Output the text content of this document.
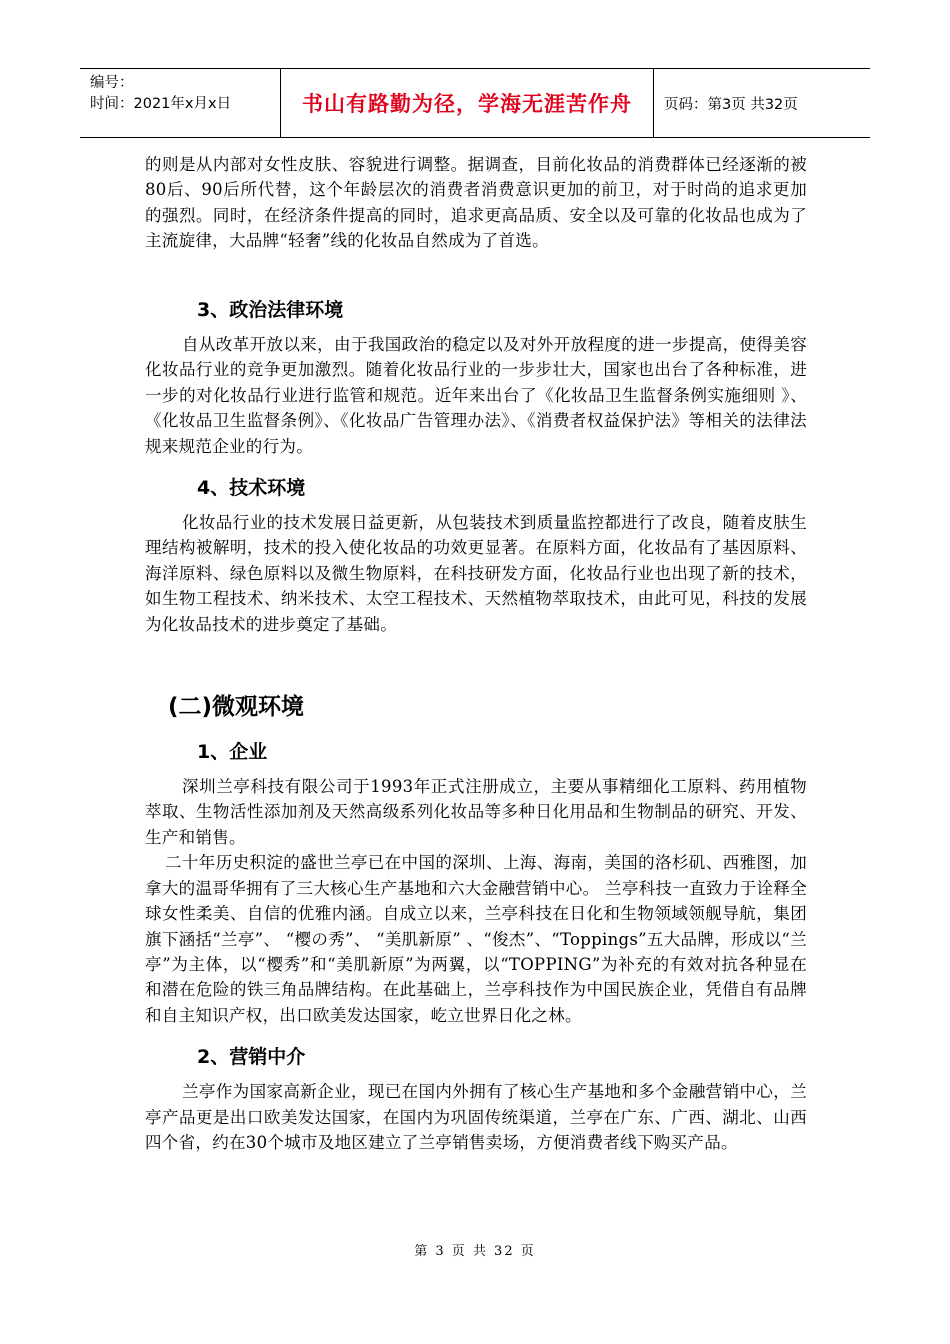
编号：
时间：2021年x月x日	书山有路勤为径，学海无涯苦作舟	页码：第3页 共32页

的则是从内部对女性皮肤、容貌进行调整。据调查，目前化妆品的消费群体已经逐渐的被80后、90后所代替，这个年龄层次的消费者消费意识更加的前卫，对于时尚的追求更加的强烈。同时，在经济条件提高的同时，追求更高品质、安全以及可靠的化妆品也成为了主流旋律，大品牌“轻奢”线的化妆品自然成为了首选。

3、政治法律环境

自从改革开放以来，由于我国政治的稳定以及对外开放程度的进一步提高，使得美容化妆品行业的竞争更加激烈。随着化妆品行业的一步步壮大，国家也出台了各种标准，进一步的对化妆品行业进行监管和规范。近年来出台了《化妆品卫生监督条例实施细则 》、《化妆品卫生监督条例》、《化妆品广告管理办法》、《消费者权益保护法》等相关的法律法规来规范企业的行为。

4、技术环境

化妆品行业的技术发展日益更新，从包装技术到质量监控都进行了改良，随着皮肤生理结构被解明，技术的投入使化妆品的功效更显著。在原料方面，化妆品有了基因原料、海洋原料、绿色原料以及微生物原料，在科技研发方面，化妆品行业也出现了新的技术，如生物工程技术、纳米技术、太空工程技术、天然植物萃取技术，由此可见，科技的发展为化妆品技术的进步奠定了基础。

(二)微观环境
1、企业

深圳兰亭科技有限公司于1993年正式注册成立，主要从事精细化工原料、药用植物萃取、生物活性添加剂及天然高级系列化妆品等多种日化用品和生物制品的研究、开发、生产和销售。

二十年历史积淀的盛世兰亭已在中国的深圳、上海、海南，美国的洛杉矶、西雅图，加拿大的温哥华拥有了三大核心生产基地和六大金融营销中心。 兰亭科技一直致力于诠释全球女性柔美、自信的优雅内涵。自成立以来，兰亭科技在日化和生物领域领舰导航，集团旗下涵括“兰亭”、 “樱の秀”、 “美肌新原” 、“俊杰”、“Toppings”五大品牌，形成以“兰亭”为主体，以“樱秀”和“美肌新原”为两翼，以“TOPPING”为补充的有效对抗各种显在和潜在危险的铁三角品牌结构。在此基础上，兰亭科技作为中国民族企业，凭借自有品牌和自主知识产权，出口欧美发达国家，屹立世界日化之林。

2、营销中介

兰亭作为国家高新企业，现已在国内外拥有了核心生产基地和多个金融营销中心，兰亭产品更是出口欧美发达国家，在国内为巩固传统渠道，兰亭在广东、广西、湖北、山西四个省，约在30个城市及地区建立了兰亭销售卖场，方便消费者线下购买产品。

第 3 页 共 32 页
